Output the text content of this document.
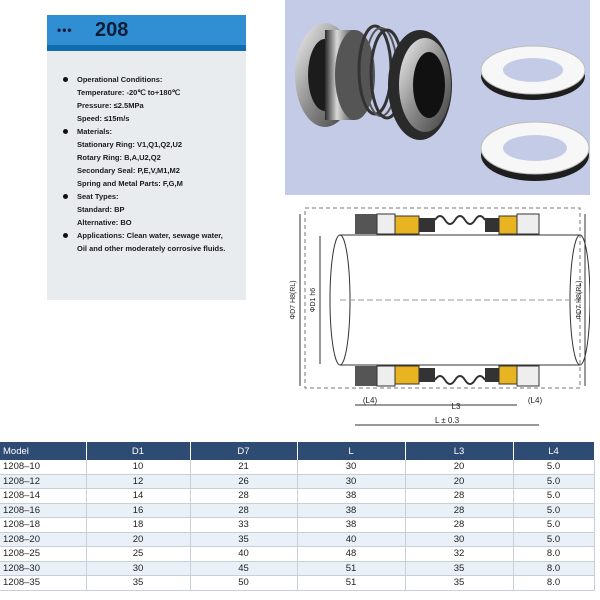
••• 208
Operational Conditions:
Temperature: -20℃ to+180℃
Pressure: ≤2.5MPa
Speed: ≤15m/s
Materials:
Stationary Ring: V1,Q1,Q2,U2
Rotary Ring: B,A,U2,Q2
Secondary Seal: P,E,V,M1,M2
Spring and Metal Parts: F,G,M
Seat Types:
Standard: BP
Alternative: BO
Applications: Clean water, sewage water,
Oil and other moderately corrosive fluids.
ΦD7 H8(RL) ΦD1 h6	ΦD7 H8(RL)
(L4)
L3
(L4)
L ± 0.3
Model	D1	D7	L	L3	L4
1208‒10	10	21	30	20	5.0
1208‒12	12	26	30	20	5.0
1208‒14	14	28	38	28	5.0
1208‒16	16	28	38	28	5.0
1208‒18	18	33	38	28	5.0
1208‒20	20	35	40	30	5.0
1208‒25	25	40	48	32	8.0
1208‒30	30	45	51	35	8.0
1208‒35	35	50	51	35	8.0
